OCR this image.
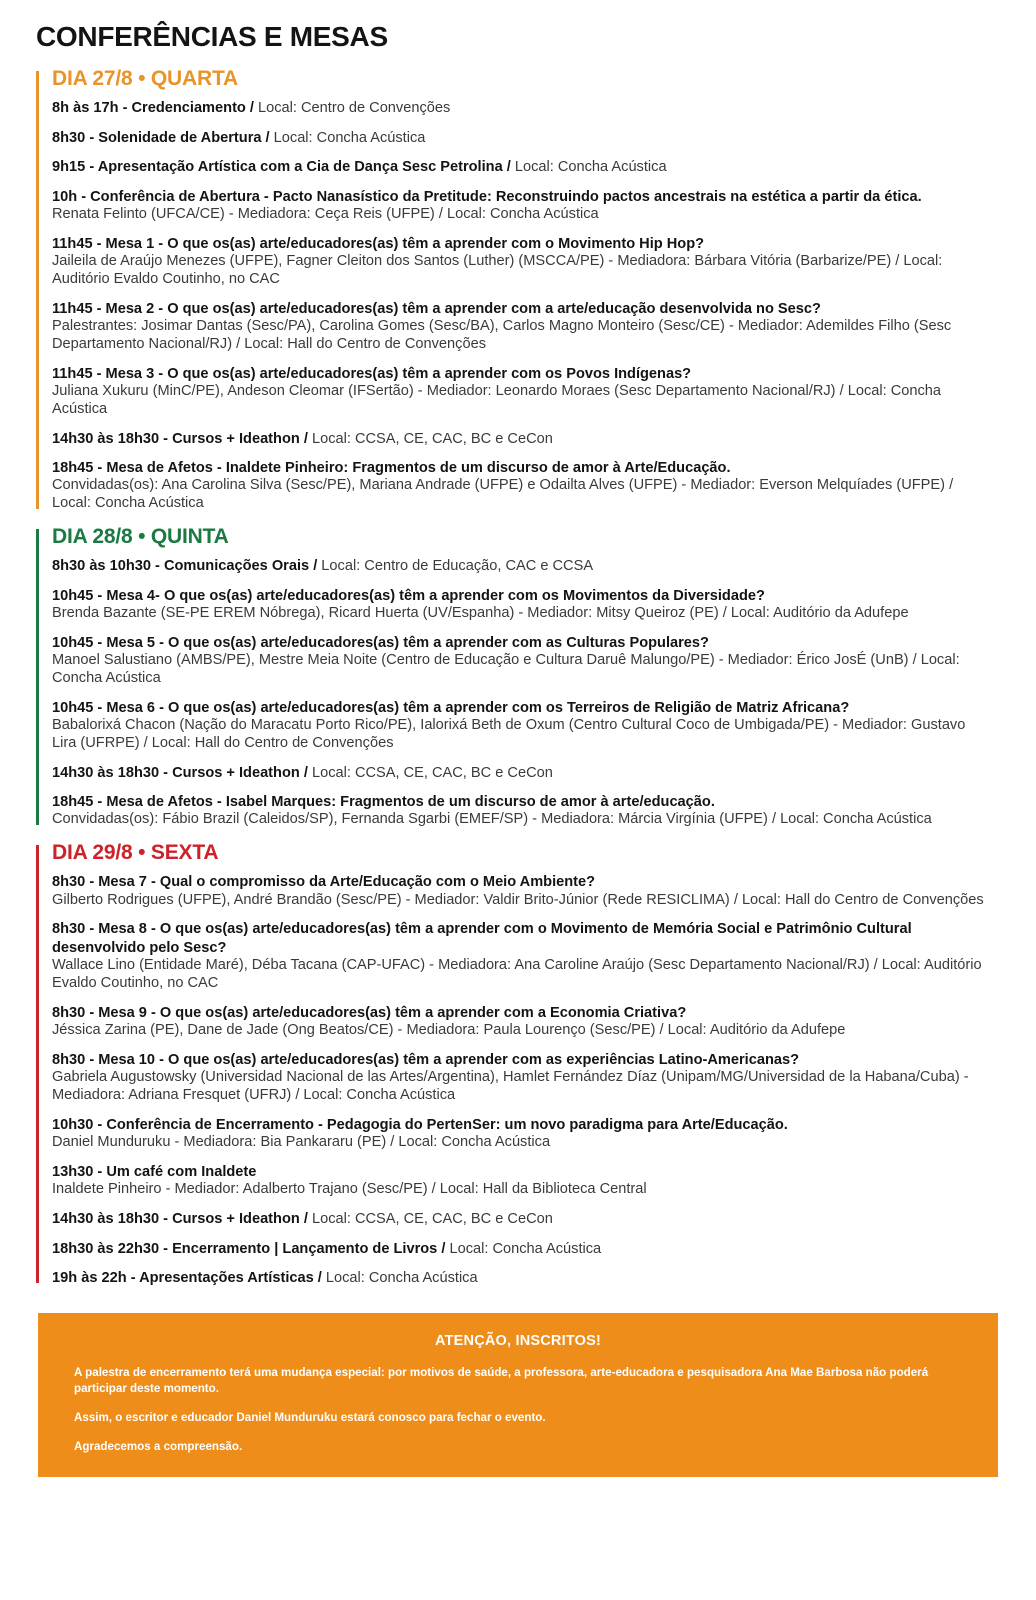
CONFERÊNCIAS E MESAS
DIA 27/8 • QUARTA
8h às 17h - Credenciamento / Local: Centro de Convenções
8h30 - Solenidade de Abertura / Local: Concha Acústica
9h15 - Apresentação Artística com a Cia de Dança Sesc Petrolina / Local: Concha Acústica
10h - Conferência de Abertura - Pacto Nanasístico da Pretitude: Reconstruindo pactos ancestrais na estética a partir da ética.
Renata Felinto (UFCA/CE) - Mediadora: Ceça Reis (UFPE) / Local: Concha Acústica
11h45 - Mesa 1 - O que os(as) arte/educadores(as) têm a aprender com o Movimento Hip Hop?
Jaileila de Araújo Menezes (UFPE), Fagner Cleiton dos Santos (Luther) (MSCCA/PE) - Mediadora: Bárbara Vitória (Barbarize/PE) / Local: Auditório Evaldo Coutinho, no CAC
11h45 - Mesa 2 - O que os(as) arte/educadores(as) têm a aprender com a arte/educação desenvolvida no Sesc?
Palestrantes: Josimar Dantas (Sesc/PA), Carolina Gomes (Sesc/BA), Carlos Magno Monteiro (Sesc/CE) - Mediador: Ademildes Filho (Sesc Departamento Nacional/RJ) / Local: Hall do Centro de Convenções
11h45 - Mesa 3 - O que os(as) arte/educadores(as) têm a aprender com os Povos Indígenas?
Juliana Xukuru (MinC/PE), Andeson Cleomar (IFSertão) - Mediador: Leonardo Moraes (Sesc Departamento Nacional/RJ) / Local: Concha Acústica
14h30 às 18h30 - Cursos + Ideathon / Local: CCSA, CE, CAC, BC e CeCon
18h45 - Mesa de Afetos - Inaldete Pinheiro: Fragmentos de um discurso de amor à Arte/Educação.
Convidadas(os): Ana Carolina Silva (Sesc/PE), Mariana Andrade (UFPE) e Odailta Alves (UFPE) - Mediador: Everson Melquíades (UFPE) / Local: Concha Acústica
DIA 28/8 • QUINTA
8h30 às 10h30 - Comunicações Orais / Local: Centro de Educação, CAC e CCSA
10h45 - Mesa 4- O que os(as) arte/educadores(as) têm a aprender com os Movimentos da Diversidade?
Brenda Bazante (SE-PE EREM Nóbrega), Ricard Huerta (UV/Espanha) - Mediador: Mitsy Queiroz (PE) / Local: Auditório da Adufepe
10h45 - Mesa 5 - O que os(as) arte/educadores(as) têm a aprender com as Culturas Populares?
Manoel Salustiano (AMBS/PE), Mestre Meia Noite (Centro de Educação e Cultura Daruê Malungo/PE) - Mediador: Érico JosÉ (UnB) / Local: Concha Acústica
10h45 - Mesa 6 - O que os(as) arte/educadores(as) têm a aprender com os Terreiros de Religião de Matriz Africana?
Babalorixá Chacon (Nação do Maracatu Porto Rico/PE), Ialorixá Beth de Oxum (Centro Cultural Coco de Umbigada/PE) - Mediador: Gustavo Lira (UFRPE) / Local: Hall do Centro de Convenções
14h30 às 18h30 - Cursos + Ideathon / Local: CCSA, CE, CAC, BC e CeCon
18h45 - Mesa de Afetos - Isabel Marques: Fragmentos de um discurso de amor à arte/educação.
Convidadas(os): Fábio Brazil (Caleidos/SP), Fernanda Sgarbi (EMEF/SP) - Mediadora: Márcia Virgínia (UFPE) / Local: Concha Acústica
DIA 29/8 • SEXTA
8h30 - Mesa 7 - Qual o compromisso da Arte/Educação com o Meio Ambiente?
Gilberto Rodrigues (UFPE), André Brandão (Sesc/PE) - Mediador: Valdir Brito-Júnior (Rede RESICLIMA) / Local: Hall do Centro de Convenções
8h30 - Mesa 8 - O que os(as) arte/educadores(as) têm a aprender com o Movimento de Memória Social e Patrimônio Cultural desenvolvido pelo Sesc?
Wallace Lino (Entidade Maré), Déba Tacana (CAP-UFAC) - Mediadora: Ana Caroline Araújo (Sesc Departamento Nacional/RJ) / Local: Auditório Evaldo Coutinho, no CAC
8h30 - Mesa 9 - O que os(as) arte/educadores(as) têm a aprender com a Economia Criativa?
Jéssica Zarina (PE), Dane de Jade (Ong Beatos/CE) - Mediadora: Paula Lourenço (Sesc/PE) / Local: Auditório da Adufepe
8h30 - Mesa 10 - O que os(as) arte/educadores(as) têm a aprender com as experiências Latino-Americanas?
Gabriela Augustowsky (Universidad Nacional de las Artes/Argentina), Hamlet Fernández Díaz (Unipam/MG/Universidad de la Habana/Cuba) - Mediadora: Adriana Fresquet (UFRJ) / Local: Concha Acústica
10h30 - Conferência de Encerramento - Pedagogia do PertenSer: um novo paradigma para Arte/Educação.
Daniel Munduruku - Mediadora: Bia Pankararu (PE) / Local: Concha Acústica
13h30 - Um café com Inaldete
Inaldete Pinheiro - Mediador: Adalberto Trajano (Sesc/PE) / Local: Hall da Biblioteca Central
14h30 às 18h30 - Cursos + Ideathon / Local: CCSA, CE, CAC, BC e CeCon
18h30 às 22h30 - Encerramento | Lançamento de Livros / Local: Concha Acústica
19h às 22h - Apresentações Artísticas / Local: Concha Acústica
ATENÇÃO, INSCRITOS!
A palestra de encerramento terá uma mudança especial: por motivos de saúde, a professora, arte-educadora e pesquisadora Ana Mae Barbosa não poderá participar deste momento.
Assim, o escritor e educador Daniel Munduruku estará conosco para fechar o evento.
Agradecemos a compreensão.
